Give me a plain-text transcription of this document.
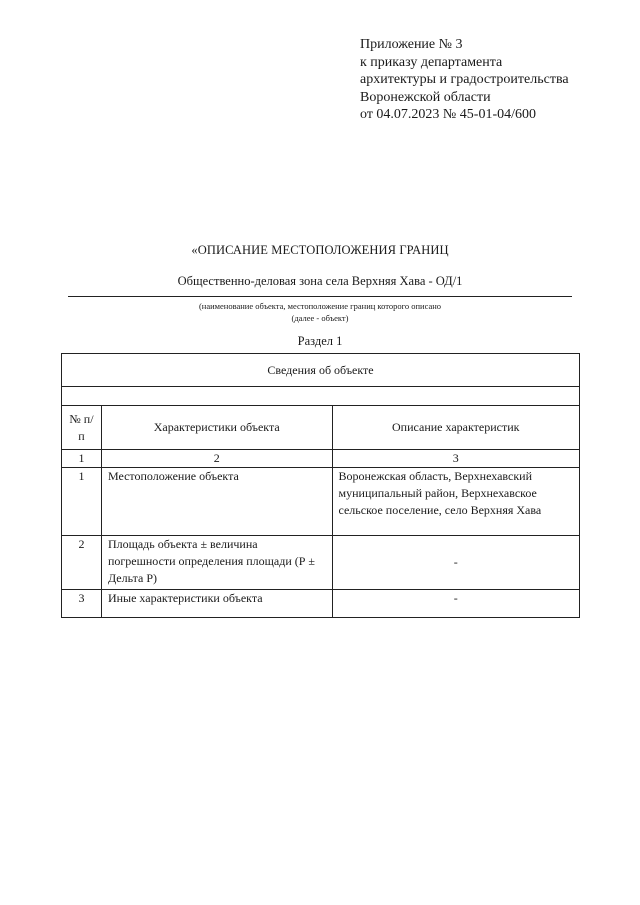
Приложение № 3
к приказу департамента
архитектуры и градостроительства
Воронежской области
от 04.07.2023 № 45-01-04/600
«ОПИСАНИЕ МЕСТОПОЛОЖЕНИЯ ГРАНИЦ
Общественно-деловая зона села Верхняя Хава - ОД/1
(наименование объекта, местоположение границ которого описано
(далее - объект)
Раздел 1
Сведения об объекте		

№ п/п	Характеристики объекта	Описание характеристик
1	2	3
1	Местоположение объекта	Воронежская область, Верхнехавский муниципальный район, Верхнехавское сельское поселение, село Верхняя Хава
2	Площадь объекта ± величина погрешности определения площади (Р ± Дельта Р)	-
3	Иные характеристики объекта	-
